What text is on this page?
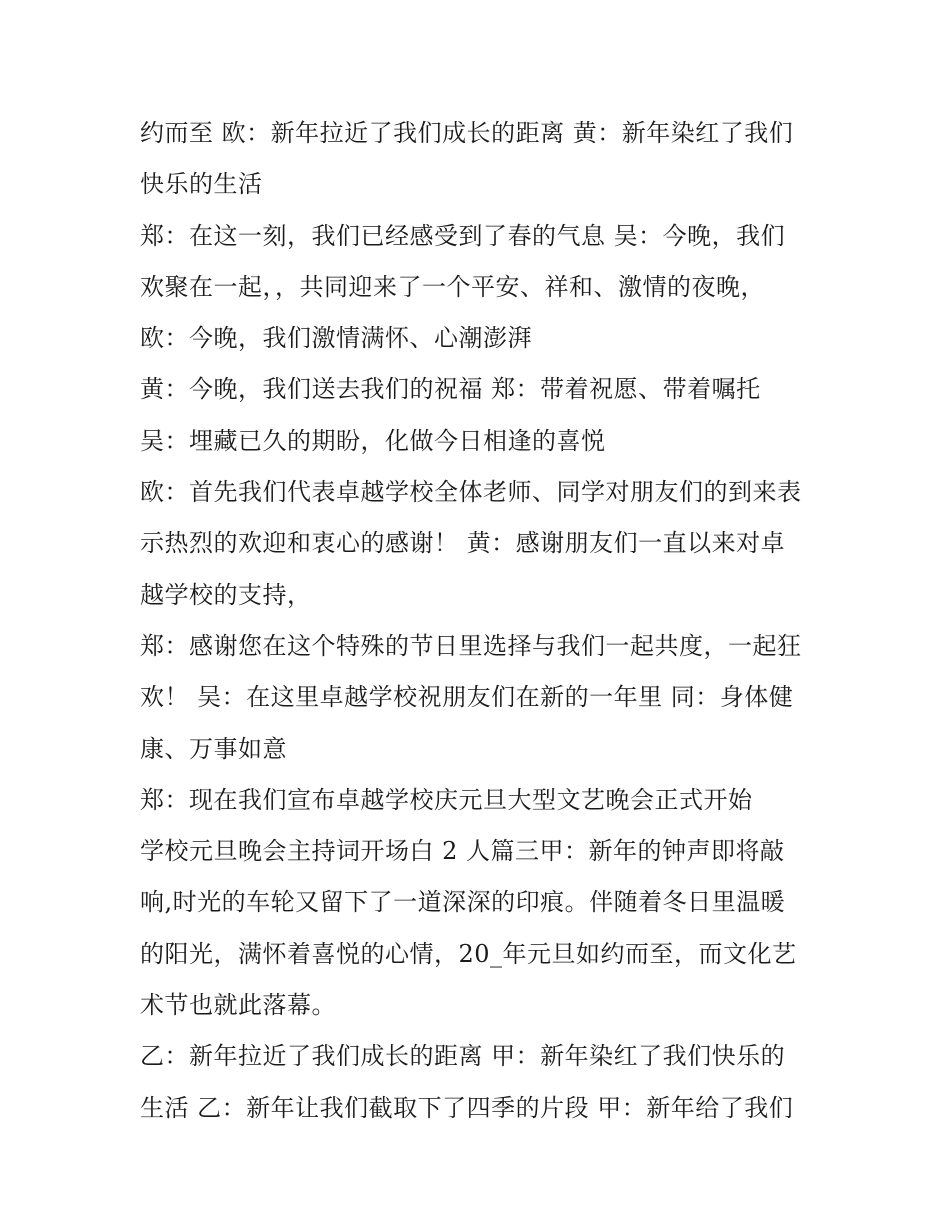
约而至 欧：新年拉近了我们成长的距离 黄：新年染红了我们
快乐的生活
郑：在这一刻，我们已经感受到了春的气息 吴：今晚，我们
欢聚在一起，，共同迎来了一个平安、祥和、激情的夜晚，
欧：今晚，我们激情满怀、心潮澎湃
黄：今晚，我们送去我们的祝福 郑：带着祝愿、带着嘱托
吴：埋藏已久的期盼，化做今日相逢的喜悦
欧：首先我们代表卓越学校全体老师、同学对朋友们的到来表
示热烈的欢迎和衷心的感谢！ 黄：感谢朋友们一直以来对卓
越学校的支持，
郑：感谢您在这个特殊的节日里选择与我们一起共度，一起狂
欢！ 吴：在这里卓越学校祝朋友们在新的一年里 同：身体健
康、万事如意
郑：现在我们宣布卓越学校庆元旦大型文艺晚会正式开始
学校元旦晚会主持词开场白 2 人篇三甲：新年的钟声即将敲
响,时光的车轮又留下了一道深深的印痕。伴随着冬日里温暖
的阳光，满怀着喜悦的心情，20_年元旦如约而至，而文化艺
术节也就此落幕。
乙：新年拉近了我们成长的距离 甲：新年染红了我们快乐的
生活 乙：新年让我们截取下了四季的片段 甲：新年给了我们
